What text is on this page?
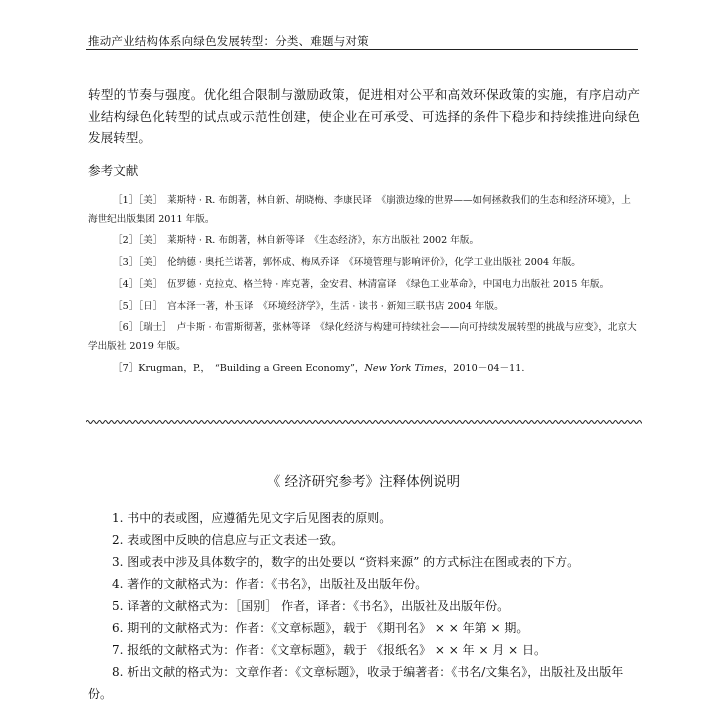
推动产业结构体系向绿色发展转型：分类、难题与对策

转型的节奏与强度。优化组合限制与激励政策，促进相对公平和高效环保政策的实施，有序启动产业结构绿色化转型的试点或示范性创建，使企业在可承受、可选择的条件下稳步和持续推进向绿色发展转型。

参考文献

［1］［美］　莱斯特 · R. 布朗著，林自新、胡晓梅、李康民译　《崩溃边缘的世界——如何拯救我们的生态和经济环境》，上海世纪出版集团 2011 年版。

［2］［美］　莱斯特 · R. 布朗著，林自新等译　《生态经济》，东方出版社 2002 年版。

［3］［美］　伦纳德 · 奥托兰诺著，郭怀成、梅凤乔译　《环境管理与影响评价》，化学工业出版社 2004 年版。

［4］［美］　伍罗德 · 克拉克、格兰特 · 库克著，金安君、林清富译　《绿色工业革命》，中国电力出版社 2015 年版。

［5］［日］　宫本泽一著，朴玉译　《环境经济学》，生活 · 读书 · 新知三联书店 2004 年版。

［6］［瑞士］　卢卡斯 · 布雷斯彻著，张林等译　《绿化经济与构建可持续社会——向可持续发展转型的挑战与应变》，北京大学出版社 2019 年版。

［7］Krugman，P.，　“Building a Green Economy”，New York Times，2010－04－11.

《 经济研究参考》注释体例说明

1. 书中的表或图，应遵循先见文字后见图表的原则。

2. 表或图中反映的信息应与正文表述一致。

3. 图或表中涉及具体数字的，数字的出处要以 “资料来源” 的方式标注在图或表的下方。

4. 著作的文献格式为：作者：《书名》，出版社及出版年份。

5. 译著的文献格式为：［国别］ 作者，译者：《书名》，出版社及出版年份。

6. 期刊的文献格式为：作者：《文章标题》，载于 《期刊名》 × × 年第 × 期。

7. 报纸的文献格式为：作者：《文章标题》，载于 《报纸名》 × × 年 × 月 × 日。

8. 析出文献的格式为：文章作者：《文章标题》，收录于编著者：《书名/文集名》，出版社及出版年份。
